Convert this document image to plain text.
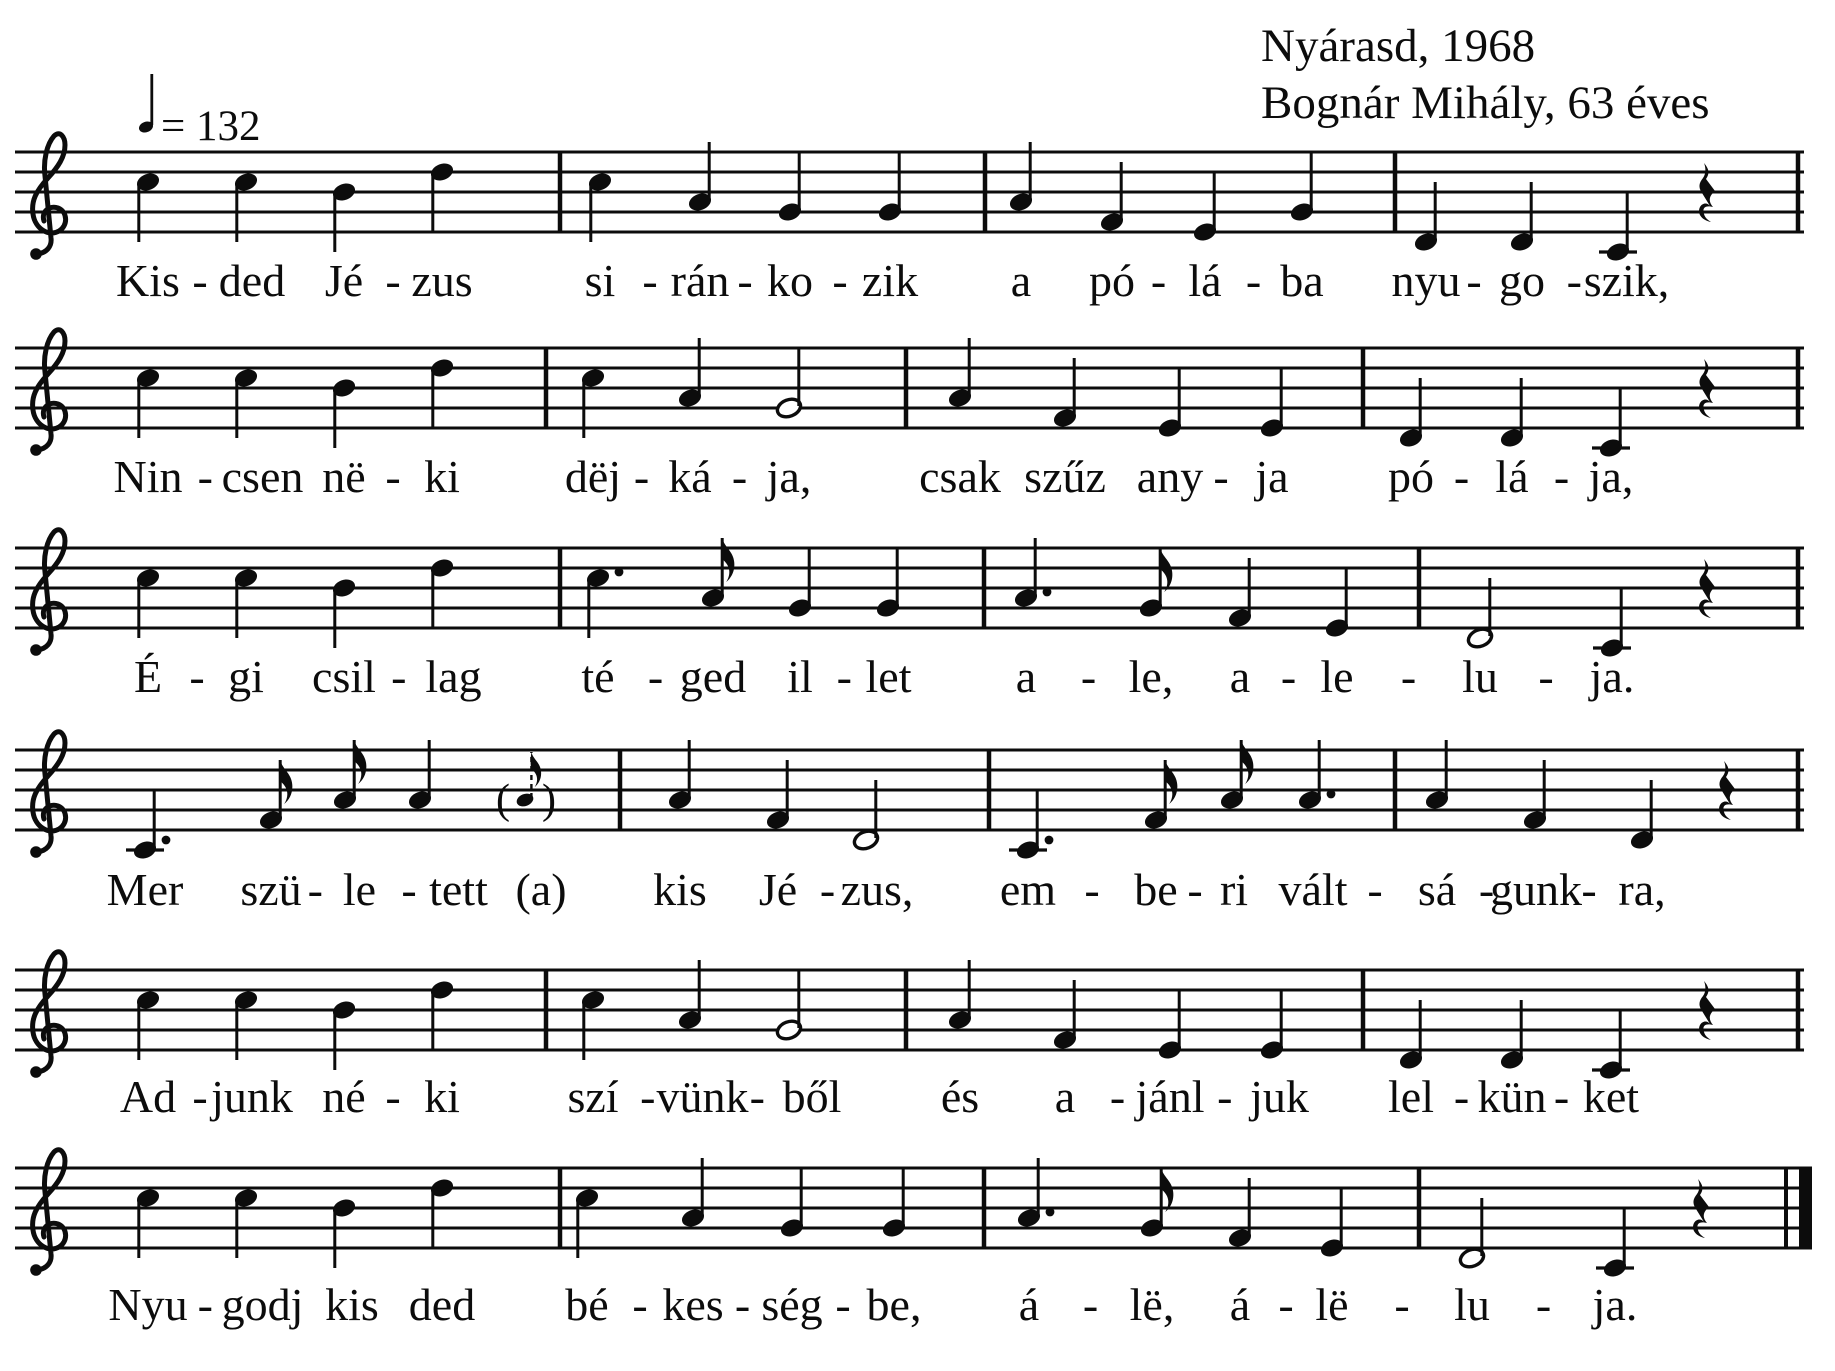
Nyárasd, 1968
Bognár Mihály, 63 éves
= 132
Kis - ded Jé - zus si - rán - ko - zik a pó - lá - ba nyu - go - szik,
Nin - csen në - ki dëj - ká - ja, csak szűz any - ja pó - lá - ja,
É - gi csil - lag té - ged il - let a - le, a - le - lu - ja.
( )
Mer szü - le - tett (a) kis Jé - zus, em - be - ri vált - sá -
gunk - ra,
Ad - junk né - ki szí - vünk - ből és a - jánl - juk lel - kün - ket
Nyu - godj kis ded bé - kes - ség - be, á - lë, á - lë - lu - ja.
